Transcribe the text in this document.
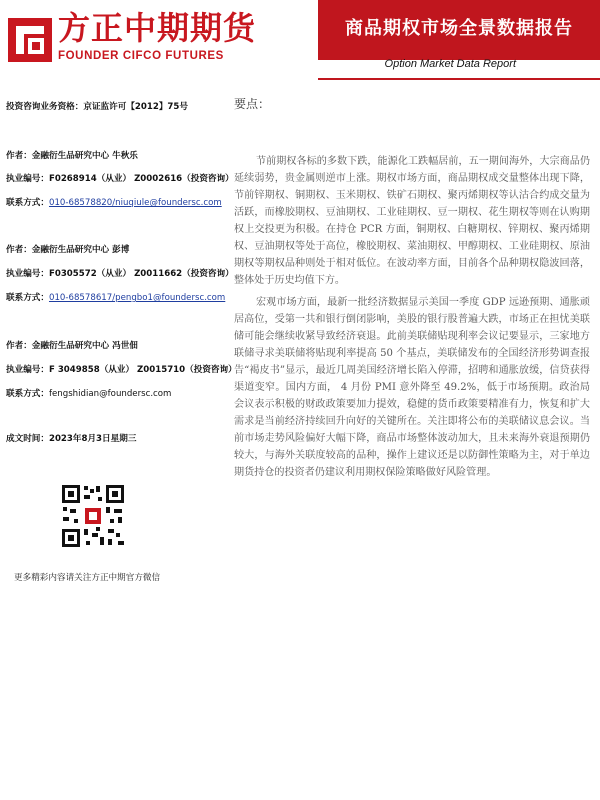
方正中期期货
FOUNDER CIFCO FUTURES
商品期权市场全景数据报告
Option Market Data Report
投资咨询业务资格：京证监许可【2012】75号
作者：金融衍生品研究中心 牛秋乐
执业编号：F0268914（从业） Z0002616（投资咨询）
联系方式：010-68578820/niuqiule@foundersc.com
作者：金融衍生品研究中心 彭博
执业编号：F0305572（从业） Z0011662（投资咨询）
联系方式：010-68578617/pengbo1@foundersc.com
作者：金融衍生品研究中心 冯世佃
执业编号：F 3049858（从业） Z0015710（投资咨询）
联系方式：fengshidian@foundersc.com
成文时间：2023年8月3日星期三
更多精彩内容请关注方正中期官方微信
要点：
节前期权各标的多数下跌，能源化工跌幅居前，五一期间海外，大宗商品仍延续弱势，贵金属则逆市上涨。期权市场方面，商品期权成交量整体出现下降，节前锌期权、铜期权、玉米期权、铁矿石期权、聚丙烯期权等认沽合约成交量为活跃，而橡胶期权、豆油期权、工业硅期权、豆一期权、花生期权等则在认购期权上交投更为积极。在持仓 PCR 方面，铜期权、白糖期权、锌期权、聚丙烯期权、豆油期权等处于高位，橡胶期权、菜油期权、甲醇期权、工业硅期权、原油期权等期权品种则处于相对低位。在波动率方面，目前各个品种期权隐波回落，整体处于历史均值下方。
宏观市场方面，最新一批经济数据显示美国一季度 GDP 远逊预期、通胀顽居高位，受第一共和银行倒闭影响，美股的银行股普遍大跌，市场正在担忧美联储可能会继续收紧导致经济衰退。此前美联储贴现利率会议记要显示，三家地方联储寻求美联储将贴现利率提高 50 个基点，美联储发布的全国经济形势调查报告“褐皮书”显示，最近几周美国经济增长陷入停滞，招聘和通胀放缓，信贷获得渠道变窄。国内方面， 4 月份 PMI 意外降至 49.2%，低于市场预期。政治局会议表示积极的财政政策要加力提效，稳健的货币政策要精准有力，恢复和扩大需求是当前经济持续回升向好的关键所在。关注即将公布的美联储议息会议。当前市场走势风险偏好大幅下降，商品市场整体波动加大，且未来海外衰退预期仍较大，与海外关联度较高的品种，操作上建议还是以防御性策略为主，对于单边期货持仓的投资者仍建议利用期权保险策略做好风险管理。
